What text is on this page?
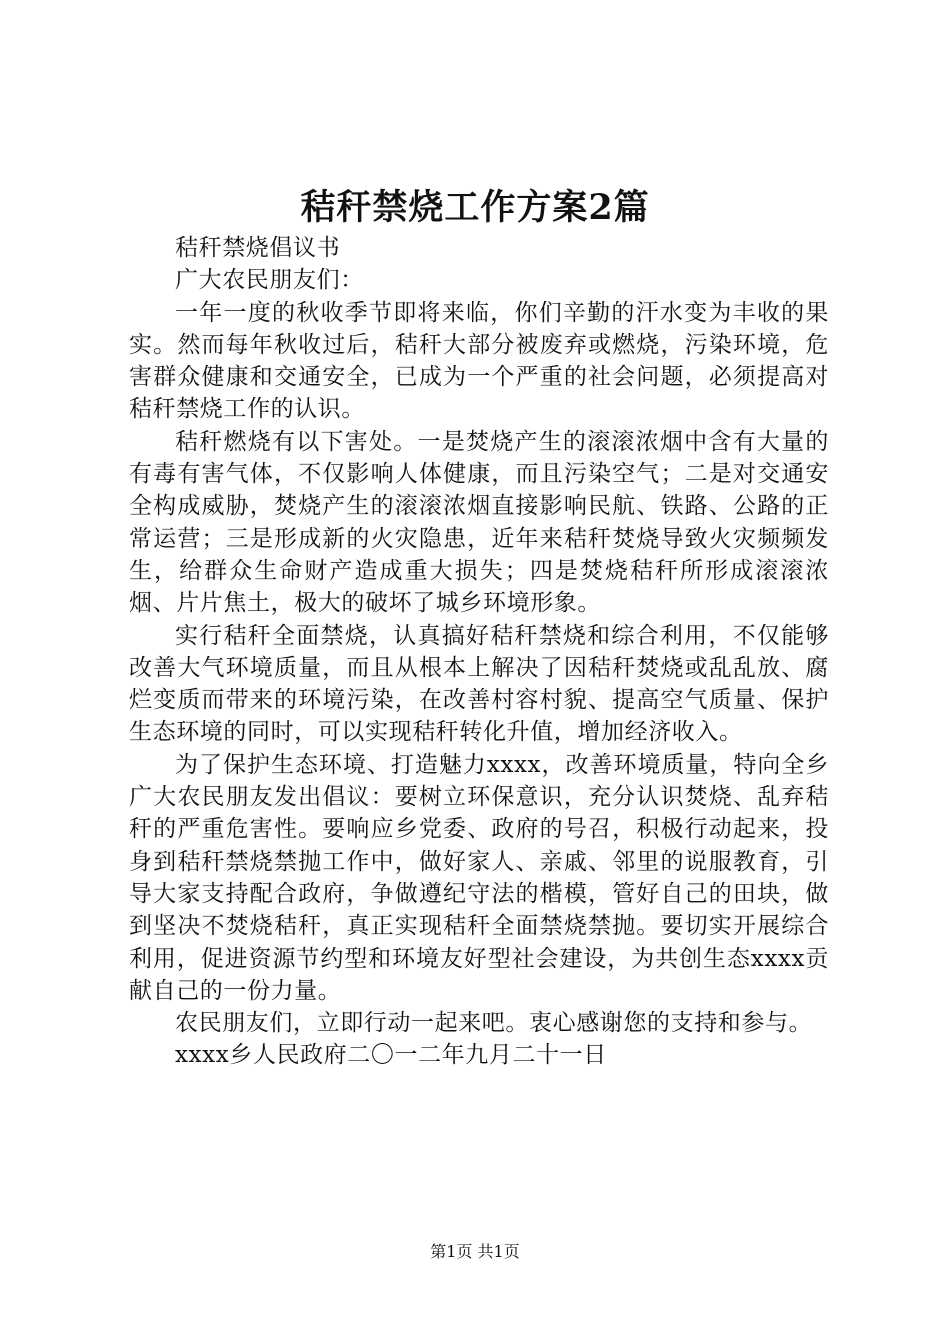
秸秆禁烧工作方案2篇

秸秆禁烧倡议书

广大农民朋友们：

一年一度的秋收季节即将来临，你们辛勤的汗水变为丰收的果实。然而每年秋收过后，秸秆大部分被废弃或燃烧，污染环境，危害群众健康和交通安全，已成为一个严重的社会问题，必须提高对秸秆禁烧工作的认识。

秸秆燃烧有以下害处。一是焚烧产生的滚滚浓烟中含有大量的有毒有害气体，不仅影响人体健康，而且污染空气；二是对交通安全构成威胁，焚烧产生的滚滚浓烟直接影响民航、铁路、公路的正常运营；三是形成新的火灾隐患，近年来秸秆焚烧导致火灾频频发生，给群众生命财产造成重大损失；四是焚烧秸秆所形成滚滚浓烟、片片焦土，极大的破坏了城乡环境形象。

实行秸秆全面禁烧，认真搞好秸秆禁烧和综合利用，不仅能够改善大气环境质量，而且从根本上解决了因秸秆焚烧或乱乱放、腐烂变质而带来的环境污染，在改善村容村貌、提高空气质量、保护生态环境的同时，可以实现秸秆转化升值，增加经济收入。

为了保护生态环境、打造魅力xxxx，改善环境质量，特向全乡广大农民朋友发出倡议：要树立环保意识，充分认识焚烧、乱弃秸秆的严重危害性。要响应乡党委、政府的号召，积极行动起来，投身到秸秆禁烧禁抛工作中，做好家人、亲戚、邻里的说服教育，引导大家支持配合政府，争做遵纪守法的楷模，管好自己的田块，做到坚决不焚烧秸秆，真正实现秸秆全面禁烧禁抛。要切实开展综合利用，促进资源节约型和环境友好型社会建设，为共创生态xxxx贡献自己的一份力量。

农民朋友们，立即行动一起来吧。衷心感谢您的支持和参与。

xxxx乡人民政府二〇一二年九月二十一日

第1页 共1页
